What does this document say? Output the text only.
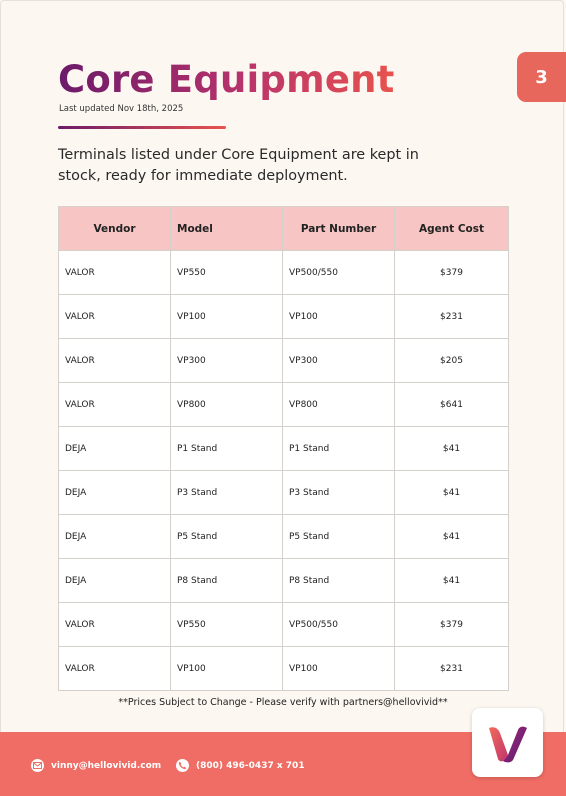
Core Equipment
Last updated Nov 18th, 2025
3

Terminals listed under Core Equipment are kept in stock, ready for immediate deployment.

Vendor	Model	Part Number	Agent Cost
VALOR	VP550	VP500/550	$379
VALOR	VP100	VP100	$231
VALOR	VP300	VP300	$205
VALOR	VP800	VP800	$641
DEJA	P1 Stand	P1 Stand	$41
DEJA	P3 Stand	P3 Stand	$41
DEJA	P5 Stand	P5 Stand	$41
DEJA	P8 Stand	P8 Stand	$41
VALOR	VP550	VP500/550	$379
VALOR	VP100	VP100	$231
**Prices Subject to Change - Please verify with partners@hellovivid**
vinny@hellovivid.com	(800) 496-0437 x 701
